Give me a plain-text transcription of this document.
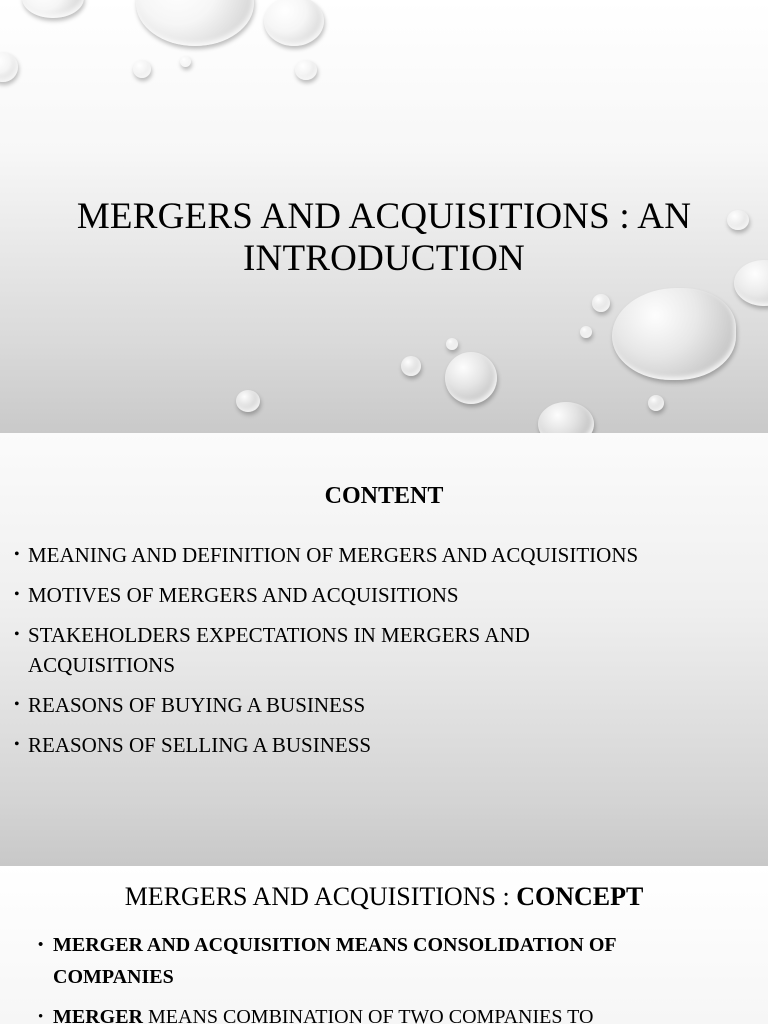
MERGERS AND ACQUISITIONS : AN
INTRODUCTION
CONTENT
• MEANING AND DEFINITION OF MERGERS AND ACQUISITIONS
• MOTIVES OF MERGERS AND ACQUISITIONS
• STAKEHOLDERS EXPECTATIONS IN MERGERS AND ACQUISITIONS
• REASONS OF BUYING A BUSINESS
• REASONS OF SELLING A BUSINESS
MERGERS AND ACQUISITIONS : CONCEPT
• MERGER AND ACQUISITION MEANS CONSOLIDATION OF COMPANIES
• MERGER MEANS COMBINATION OF TWO COMPANIES TO
